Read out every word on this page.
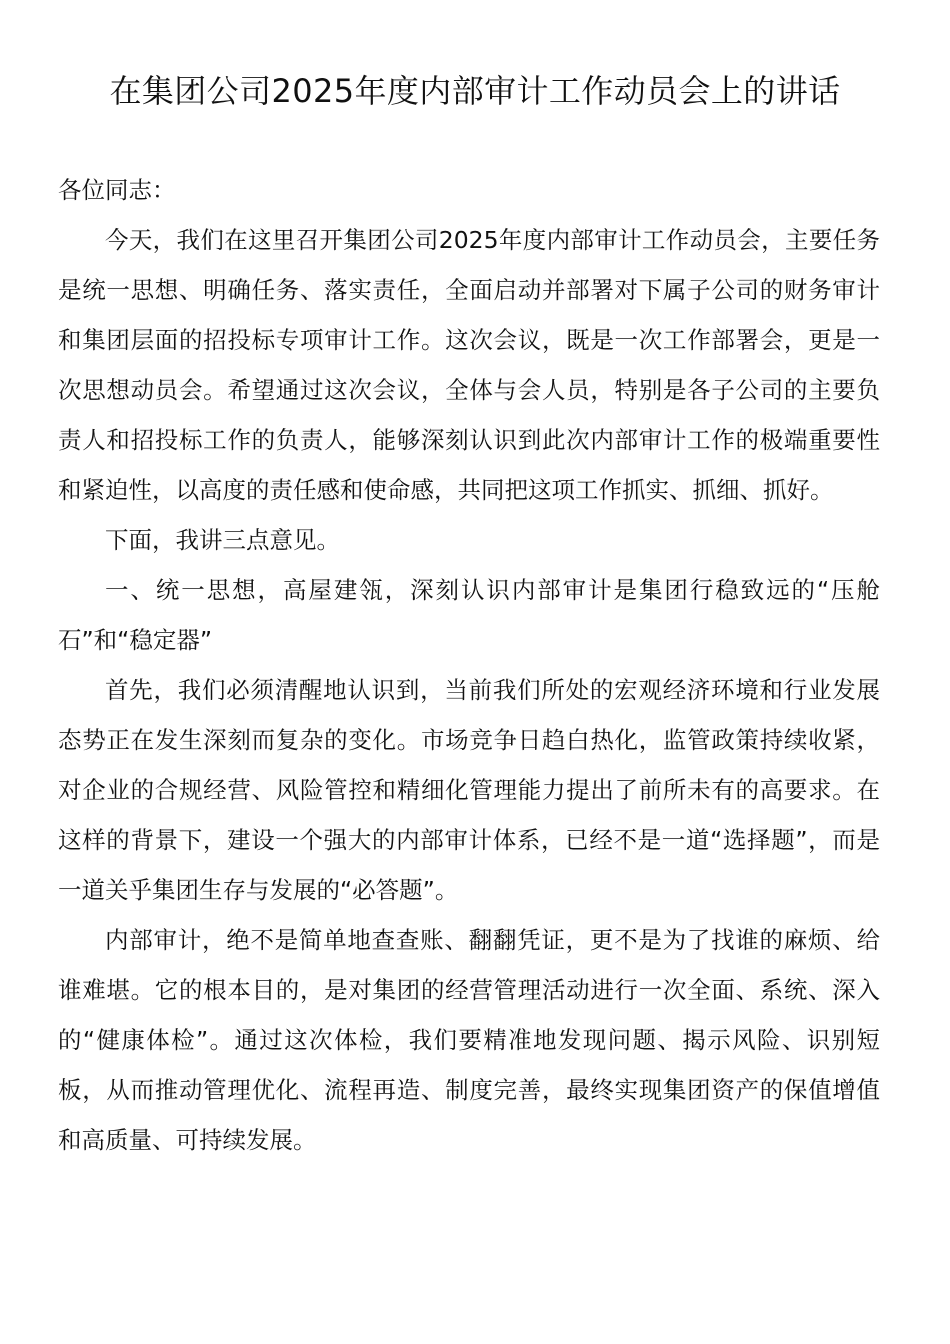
在集团公司2025年度内部审计工作动员会上的讲话

各位同志：

今天，我们在这里召开集团公司2025年度内部审计工作动员会，主要任务是统一思想、明确任务、落实责任，全面启动并部署对下属子公司的财务审计和集团层面的招投标专项审计工作。这次会议，既是一次工作部署会，更是一次思想动员会。希望通过这次会议，全体与会人员，特别是各子公司的主要负责人和招投标工作的负责人，能够深刻认识到此次内部审计工作的极端重要性和紧迫性，以高度的责任感和使命感，共同把这项工作抓实、抓细、抓好。

下面，我讲三点意见。

一、统一思想，高屋建瓴，深刻认识内部审计是集团行稳致远的“压舱石”和“稳定器”

首先，我们必须清醒地认识到，当前我们所处的宏观经济环境和行业发展态势正在发生深刻而复杂的变化。市场竞争日趋白热化，监管政策持续收紧，对企业的合规经营、风险管控和精细化管理能力提出了前所未有的高要求。在这样的背景下，建设一个强大的内部审计体系，已经不是一道“选择题”，而是一道关乎集团生存与发展的“必答题”。

内部审计，绝不是简单地查查账、翻翻凭证，更不是为了找谁的麻烦、给谁难堪。它的根本目的，是对集团的经营管理活动进行一次全面、系统、深入的“健康体检”。通过这次体检，我们要精准地发现问题、揭示风险、识别短板，从而推动管理优化、流程再造、制度完善，最终实现集团资产的保值增值和高质量、可持续发展。
